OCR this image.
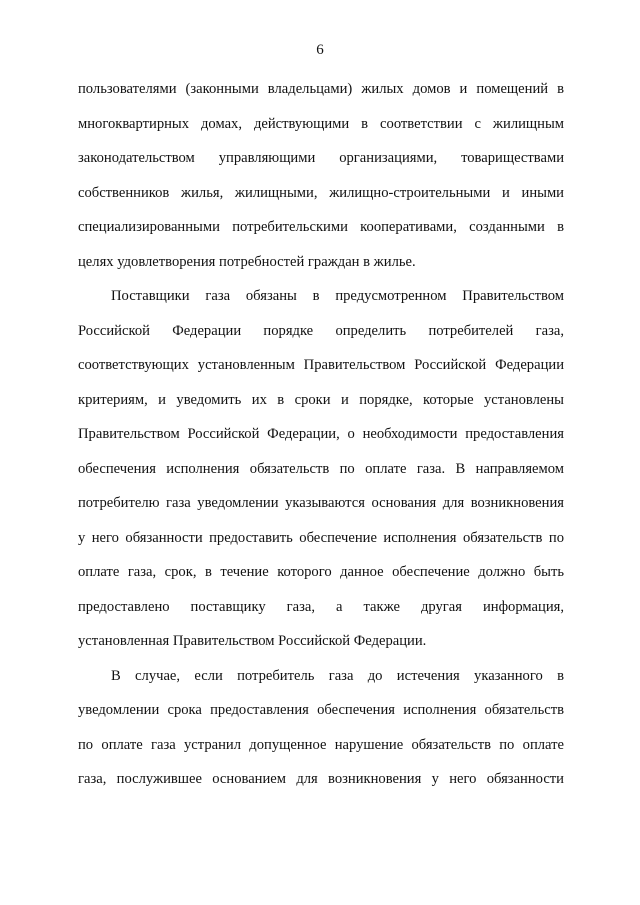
6
пользователями (законными владельцами) жилых домов и помещений в
многоквартирных домах, действующими в соответствии с жилищным
законодательством управляющими организациями, товариществами
собственников жилья, жилищными, жилищно-строительными и иными
специализированными потребительскими кооперативами, созданными в
целях удовлетворения потребностей граждан в жилье.
Поставщики газа обязаны в предусмотренном Правительством
Российской Федерации порядке определить потребителей газа,
соответствующих установленным Правительством Российской Федерации
критериям, и уведомить их в сроки и порядке, которые установлены
Правительством Российской Федерации, о необходимости предоставления
обеспечения исполнения обязательств по оплате газа. В направляемом
потребителю газа уведомлении указываются основания для возникновения
у него обязанности предоставить обеспечение исполнения обязательств по
оплате газа, срок, в течение которого данное обеспечение должно быть
предоставлено поставщику газа, а также другая информация,
установленная Правительством Российской Федерации.
В случае, если потребитель газа до истечения указанного в
уведомлении срока предоставления обеспечения исполнения обязательств
по оплате газа устранил допущенное нарушение обязательств по оплате
газа, послужившее основанием для возникновения у него обязанности
